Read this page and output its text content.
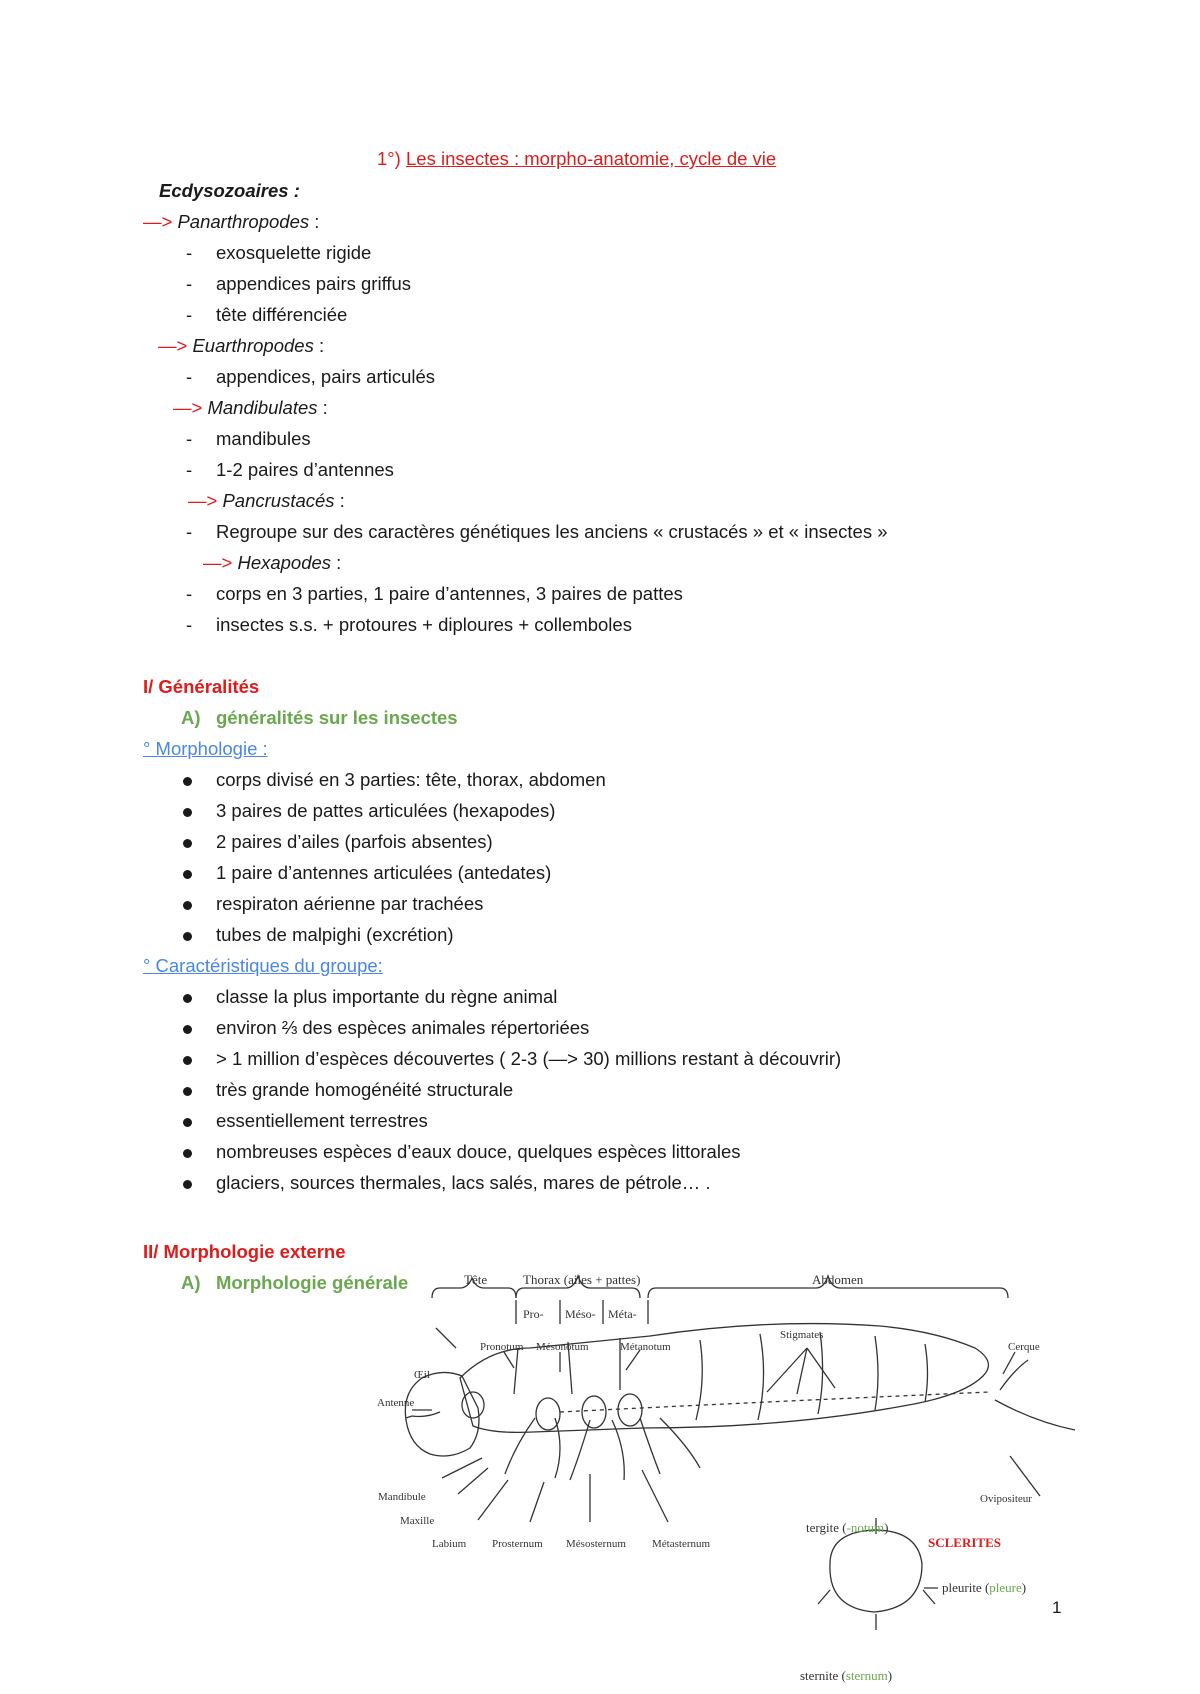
1°) Les insectes : morpho-anatomie, cycle de vie
Ecdysozoaires :
—> Panarthropodes :
- exosquelette rigide
- appendices pairs griffus
- tête différenciée
—> Euarthropodes :
- appendices, pairs articulés
—> Mandibulates :
- mandibules
- 1-2 paires d’antennes
—> Pancrustacés :
- Regroupe sur des caractères génétiques les anciens « crustacés » et « insectes »
—> Hexapodes :
- corps en 3 parties, 1 paire d’antennes, 3 paires de pattes
- insectes s.s. + protoures + diploures + collemboles
I/ Généralités
A)   généralités sur les insectes
° Morphologie :
corps divisé en 3 parties: tête, thorax, abdomen
3 paires de pattes articulées (hexapodes)
2 paires d’ailes (parfois absentes)
1 paire d’antennes articulées (antedates)
respiraton aérienne par trachées
tubes de malpighi (excrétion)
° Caractéristiques du groupe:
classe la plus importante du règne animal
environ ⅔ des espèces animales répertoriées
> 1 million d’espèces découvertes ( 2-3 (—> 30) millions restant à découvrir)
très grande homogénéité structurale
essentiellement terrestres
nombreuses espèces d’eaux douce, quelques espèces littorales
glaciers, sources thermales, lacs salés, mares de pétrole… .
II/ Morphologie externe
A)   Morphologie générale	Tête	Thorax (ailes + pattes)	Abdomen
Pro- Méso- Méta-
Stigmates
Pronotum Mésonotum	Métanotum	Cerque
Œil
Antenne
Mandibule
Maxille
Labium Prosternum Mésosternum Métasternum
Ovipositeur
SCLERITES
tergite (-notum)
pleurite (pleure)
sternite (sternum)
1
